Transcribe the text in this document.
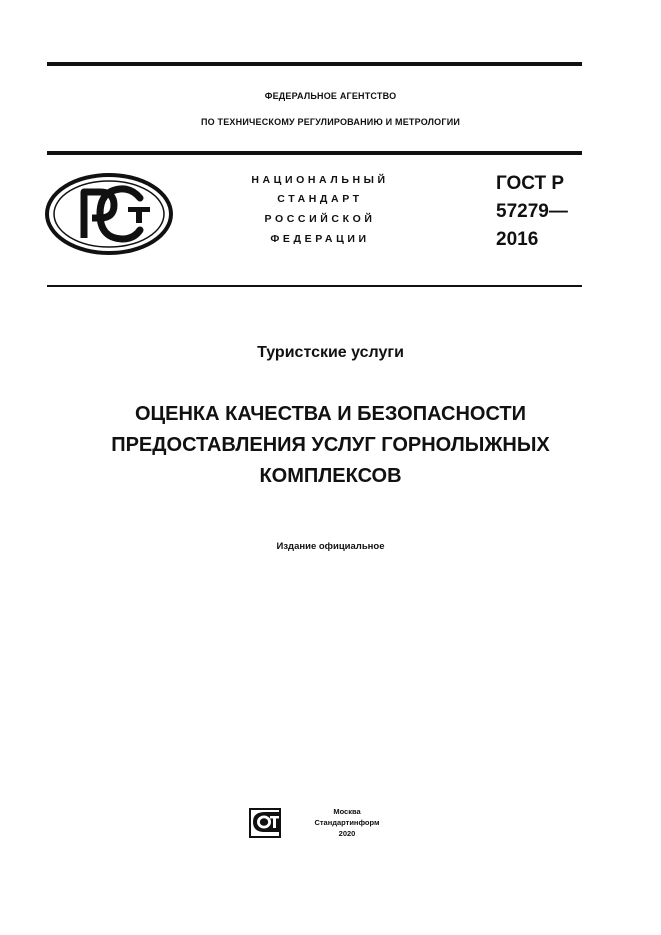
ФЕДЕРАЛЬНОЕ АГЕНТСТВО
ПО ТЕХНИЧЕСКОМУ РЕГУЛИРОВАНИЮ И МЕТРОЛОГИИ
НАЦИОНАЛЬНЫЙ
СТАНДАРТ
РОССИЙСКОЙ
ФЕДЕРАЦИИ
ГОСТ Р
57279—
2016
Туристские услуги
ОЦЕНКА КАЧЕСТВА И БЕЗОПАСНОСТИ
ПРЕДОСТАВЛЕНИЯ УСЛУГ ГОРНОЛЫЖНЫХ
КОМПЛЕКСОВ
Издание официальное
Москва
Стандартинформ
2020
